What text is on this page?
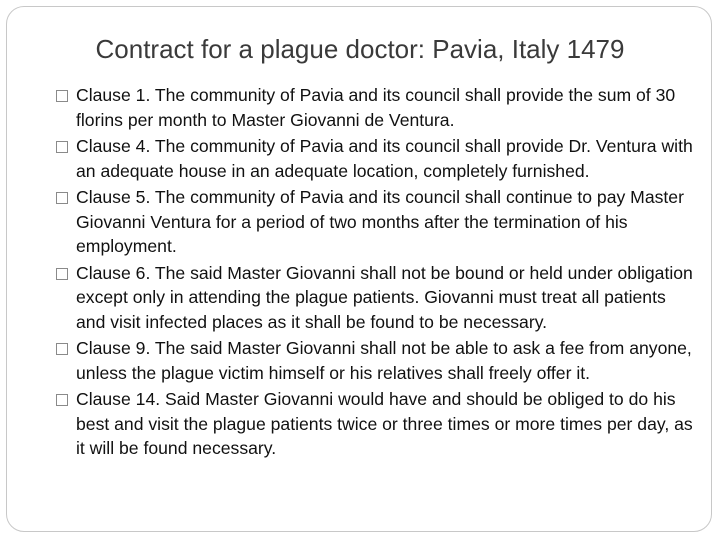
Contract for a plague doctor: Pavia, Italy 1479
Clause 1. The community of Pavia and its council shall provide the sum of 30 florins per month to Master Giovanni de Ventura.
Clause 4. The community of Pavia and its council shall provide Dr. Ventura with an adequate house in an adequate location, completely furnished.
Clause 5. The community of Pavia and its council shall continue to pay Master Giovanni Ventura for a period of two months after the termination of his employment.
Clause 6. The said Master Giovanni shall not be bound or held under obligation except only in attending the plague patients. Giovanni must treat all patients and visit infected places as it shall be found to be necessary.
Clause 9. The said Master Giovanni shall not be able to ask a fee from anyone, unless the plague victim himself or his relatives shall freely offer it.
Clause 14. Said Master Giovanni would have and should be obliged to do his best and visit the plague patients twice or three times or more times per day, as it will be found necessary.
